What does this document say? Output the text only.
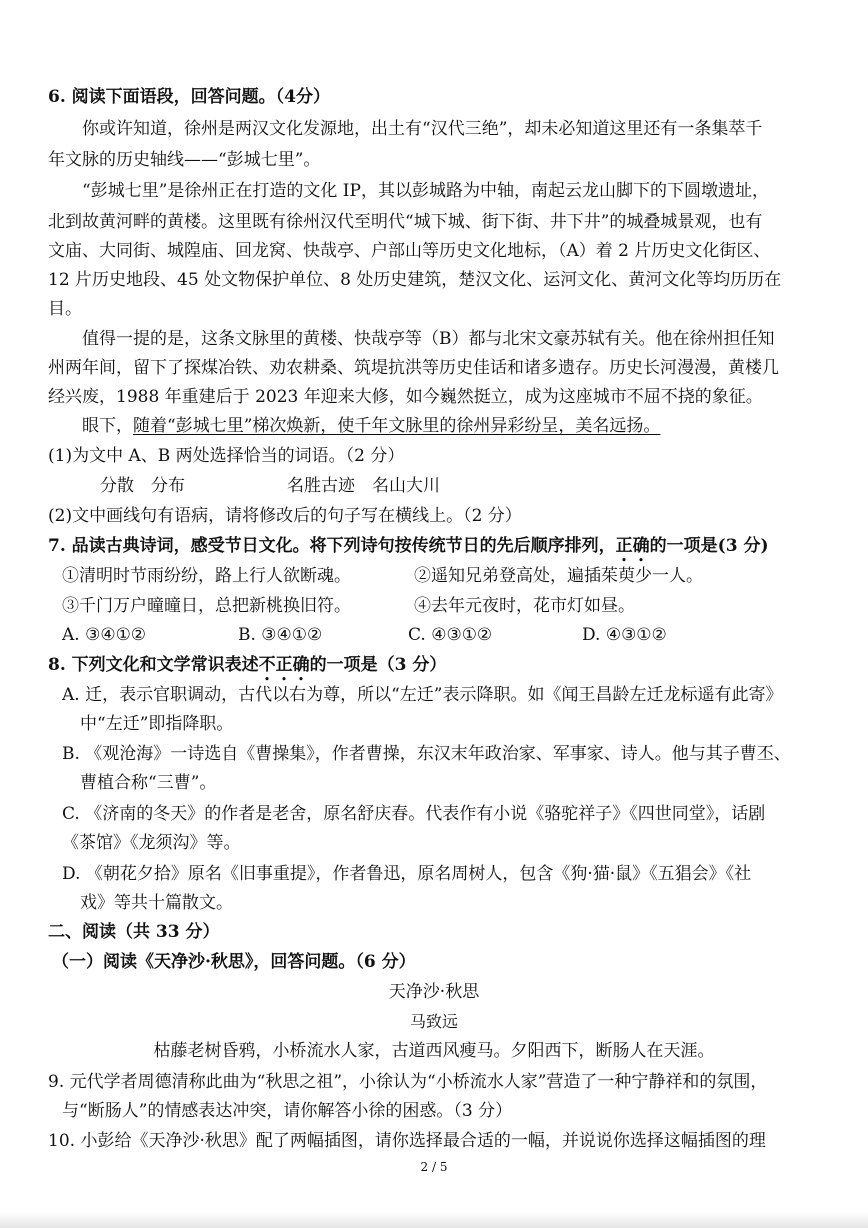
6. 阅读下面语段，回答问题。（4分）
你或许知道，徐州是两汉文化发源地，出土有“汉代三绝”，却未必知道这里还有一条集萃千
年文脉的历史轴线——“彭城七里”。
“彭城七里”是徐州正在打造的文化 IP，其以彭城路为中轴，南起云龙山脚下的下圆墩遗址，
北到故黄河畔的黄楼。这里既有徐州汉代至明代“城下城、街下街、井下井”的城叠城景观，也有
文庙、大同街、城隍庙、回龙窝、快哉亭、户部山等历史文化地标，（A）着 2 片历史文化街区、
12 片历史地段、45 处文物保护单位、8 处历史建筑，楚汉文化、运河文化、黄河文化等均历历在
目。
值得一提的是，这条文脉里的黄楼、快哉亭等（B）都与北宋文豪苏轼有关。他在徐州担任知
州两年间，留下了探煤冶铁、劝农耕桑、筑堤抗洪等历史佳话和诸多遗存。历史长河漫漫，黄楼几
经兴废，1988 年重建后于 2023 年迎来大修，如今巍然挺立，成为这座城市不屈不挠的象征。
眼下，随着“彭城七里”梯次焕新，使千年文脉里的徐州异彩纷呈，美名远扬。
(1)为文中 A、B 两处选择恰当的词语。（2 分）
分散　分布　　　　　　名胜古迹　名山大川
(2)文中画线句有语病，请将修改后的句子写在横线上。（2 分）
7. 品读古典诗词，感受节日文化。将下列诗句按传统节日的先后顺序排列，正确的一项是(3 分)
①清明时节雨纷纷，路上行人欲断魂。	②遥知兄弟登高处，遍插茱萸少一人。
③千门万户曈曈日，总把新桃换旧符。	④去年元夜时，花市灯如昼。
A. ③④①②	B. ③④①②	C. ④③①②	D. ④③①②
8. 下列文化和文学常识表述不正确的一项是（3 分）
A. 迁，表示官职调动，古代以右为尊，所以“左迁”表示降职。如《闻王昌龄左迁龙标遥有此寄》
中“左迁”即指降职。
B. 《观沧海》一诗选自《曹操集》，作者曹操，东汉末年政治家、军事家、诗人。他与其子曹丕、
曹植合称“三曹”。
C. 《济南的冬天》的作者是老舍，原名舒庆春。代表作有小说《骆驼祥子》《四世同堂》，话剧
《茶馆》《龙须沟》等。
D. 《朝花夕拾》原名《旧事重提》，作者鲁迅，原名周树人，包含《狗·猫·鼠》《五猖会》《社
戏》等共十篇散文。
二、阅读（共 33 分）
（一）阅读《天净沙·秋思》，回答问题。（6 分）
天净沙·秋思
马致远
枯藤老树昏鸦，小桥流水人家，古道西风瘦马。夕阳西下，断肠人在天涯。
9. 元代学者周德清称此曲为“秋思之祖”，小徐认为“小桥流水人家”营造了一种宁静祥和的氛围，
与“断肠人”的情感表达冲突，请你解答小徐的困惑。（3 分）
10. 小彭给《天净沙·秋思》配了两幅插图，请你选择最合适的一幅，并说说你选择这幅插图的理
2 / 5
